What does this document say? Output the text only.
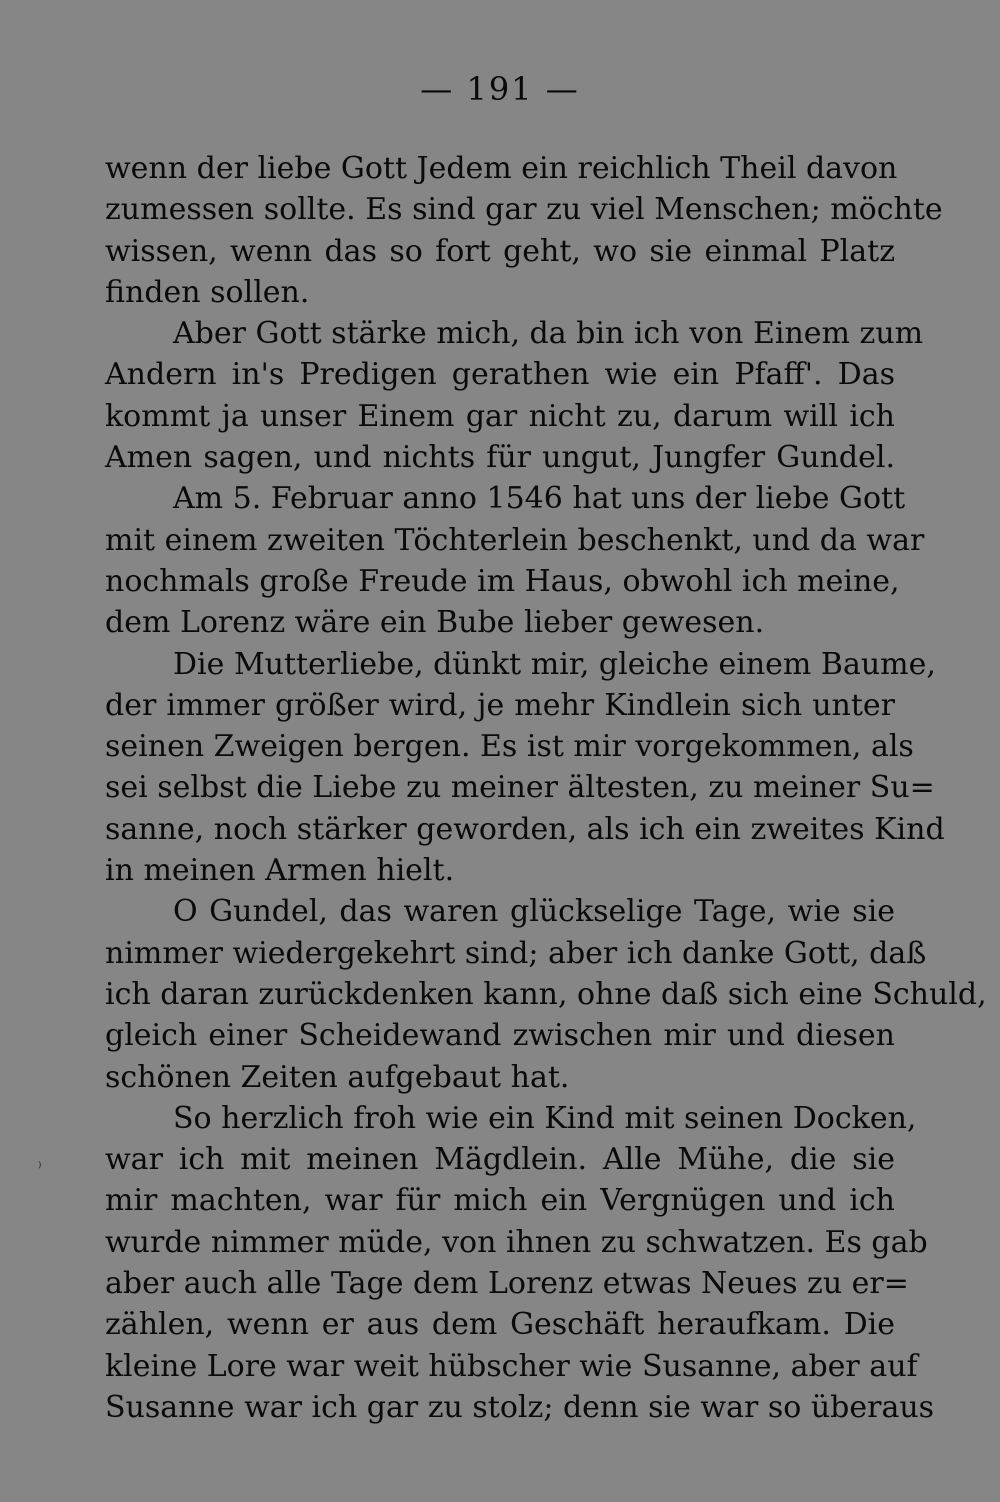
— 191 —
wenn der liebe Gott Jedem ein reichlich Theil davon
zumessen sollte. Es sind gar zu viel Menschen; möchte
wissen, wenn das so fort geht, wo sie einmal Platz
finden sollen.
Aber Gott stärke mich, da bin ich von Einem zum
Andern in's Predigen gerathen wie ein Pfaff'. Das
kommt ja unser Einem gar nicht zu, darum will ich
Amen sagen, und nichts für ungut, Jungfer Gundel.
Am 5. Februar anno 1546 hat uns der liebe Gott
mit einem zweiten Töchterlein beschenkt, und da war
nochmals große Freude im Haus, obwohl ich meine,
dem Lorenz wäre ein Bube lieber gewesen.
Die Mutterliebe, dünkt mir, gleiche einem Baume,
der immer größer wird, je mehr Kindlein sich unter
seinen Zweigen bergen. Es ist mir vorgekommen, als
sei selbst die Liebe zu meiner ältesten, zu meiner Su=
sanne, noch stärker geworden, als ich ein zweites Kind
in meinen Armen hielt.
O Gundel, das waren glückselige Tage, wie sie
nimmer wiedergekehrt sind; aber ich danke Gott, daß
ich daran zurückdenken kann, ohne daß sich eine Schuld,
gleich einer Scheidewand zwischen mir und diesen
schönen Zeiten aufgebaut hat.
So herzlich froh wie ein Kind mit seinen Docken,
war ich mit meinen Mägdlein. Alle Mühe, die sie
mir machten, war für mich ein Vergnügen und ich
wurde nimmer müde, von ihnen zu schwatzen. Es gab
aber auch alle Tage dem Lorenz etwas Neues zu er=
zählen, wenn er aus dem Geschäft heraufkam. Die
kleine Lore war weit hübscher wie Susanne, aber auf
Susanne war ich gar zu stolz; denn sie war so überaus
⁾
